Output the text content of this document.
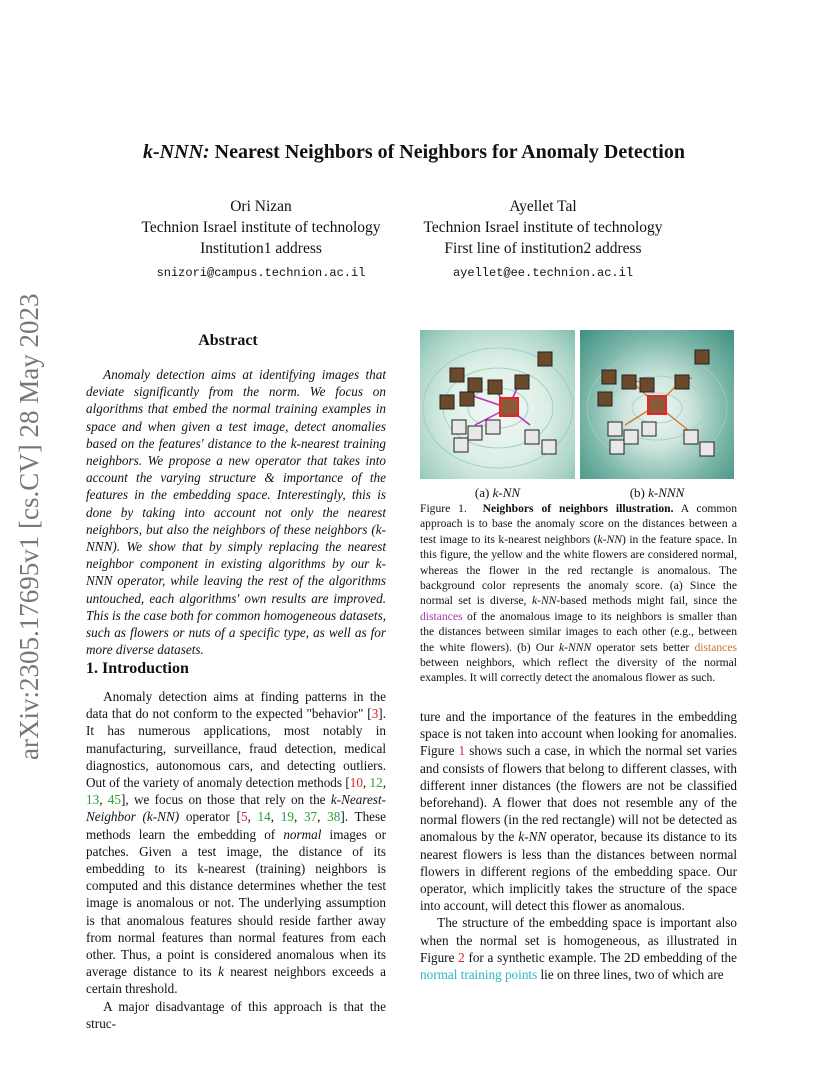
arXiv:2305.17695v1 [cs.CV] 28 May 2023
k-NNN: Nearest Neighbors of Neighbors for Anomaly Detection
Ori Nizan
Technion Israel institute of technology
Institution1 address
snizori@campus.technion.ac.il
Ayellet Tal
Technion Israel institute of technology
First line of institution2 address
ayellet@ee.technion.ac.il
Abstract
Anomaly detection aims at identifying images that deviate significantly from the norm. We focus on algorithms that embed the normal training examples in space and when given a test image, detect anomalies based on the features' distance to the k-nearest training neighbors. We propose a new operator that takes into account the varying structure & importance of the features in the embedding space. Interestingly, this is done by taking into account not only the nearest neighbors, but also the neighbors of these neighbors (k-NNN). We show that by simply replacing the nearest neighbor component in existing algorithms by our k-NNN operator, while leaving the rest of the algorithms untouched, each algorithms' own results are improved. This is the case both for common homogeneous datasets, such as flowers or nuts of a specific type, as well as for more diverse datasets.
1. Introduction
Anomaly detection aims at finding patterns in the data that do not conform to the expected "behavior" [3]. It has numerous applications, most notably in manufacturing, surveillance, fraud detection, medical diagnostics, autonomous cars, and detecting outliers. Out of the variety of anomaly detection methods [10, 12, 13, 45], we focus on those that rely on the k-Nearest-Neighbor (k-NN) operator [5, 14, 19, 37, 38]. These methods learn the embedding of normal images or patches. Given a test image, the distance of its embedding to its k-nearest (training) neighbors is computed and this distance determines whether the test image is anomalous or not. The underlying assumption is that anomalous features should reside farther away from normal features than normal features from each other. Thus, a point is considered anomalous when its average distance to its k nearest neighbors exceeds a certain threshold.
A major disadvantage of this approach is that the struc-
(a) k-NN	(b) k-NNN
Figure 1. Neighbors of neighbors illustration. A common approach is to base the anomaly score on the distances between a test image to its k-nearest neighbors (k-NN) in the feature space. In this figure, the yellow and the white flowers are considered normal, whereas the flower in the red rectangle is anomalous. The background color represents the anomaly score. (a) Since the normal set is diverse, k-NN-based methods might fail, since the distances of the anomalous image to its neighbors is smaller than the distances between similar images to each other (e.g., between the white flowers). (b) Our k-NNN operator sets better distances between neighbors, which reflect the diversity of the normal examples. It will correctly detect the anomalous flower as such.
ture and the importance of the features in the embedding space is not taken into account when looking for anomalies. Figure 1 shows such a case, in which the normal set varies and consists of flowers that belong to different classes, with different inner distances (the flowers are not be classified beforehand). A flower that does not resemble any of the normal flowers (in the red rectangle) will not be detected as anomalous by the k-NN operator, because its distance to its nearest flowers is less than the distances between normal flowers in different regions of the embedding space. Our operator, which implicitly takes the structure of the space into account, will detect this flower as anomalous.
The structure of the embedding space is important also when the normal set is homogeneous, as illustrated in Figure 2 for a synthetic example. The 2D embedding of the normal training points lie on three lines, two of which are
